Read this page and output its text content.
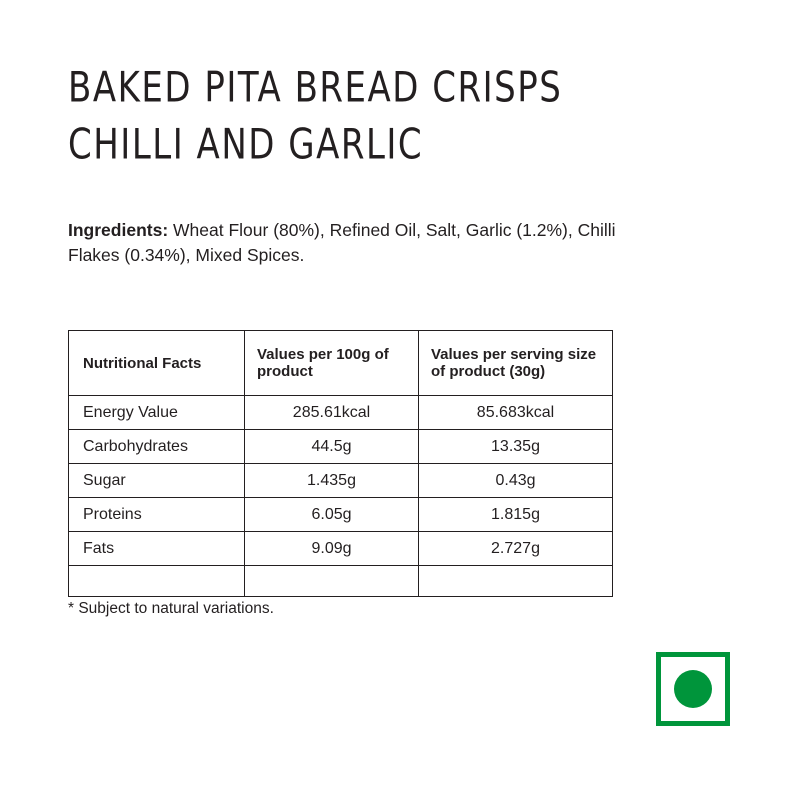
BAKED PITA BREAD CRISPS
CHILLI AND GARLIC
Ingredients: Wheat Flour (80%), Refined Oil, Salt, Garlic (1.2%), Chilli Flakes (0.34%), Mixed Spices.
Nutritional Facts	Values per 100g of product	Values per serving size of product (30g)
Energy Value	285.61kcal	85.683kcal
Carbohydrates	44.5g	13.35g
Sugar	1.435g	0.43g
Proteins	6.05g	1.815g
Fats	9.09g	2.727g

* Subject to natural variations.
